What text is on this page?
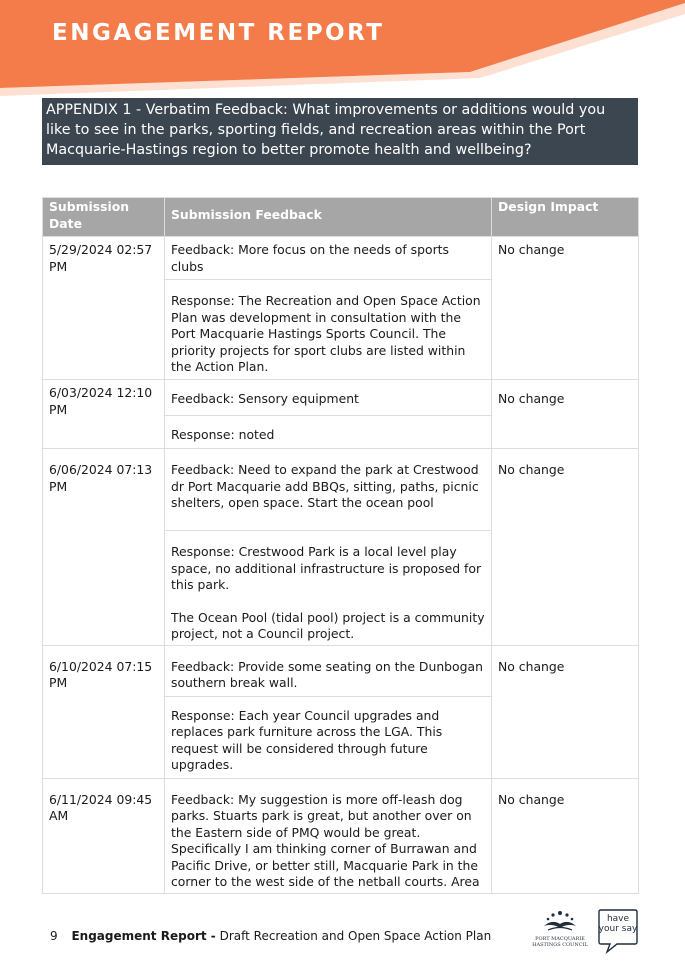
ENGAGEMENT REPORT
APPENDIX 1 - Verbatim Feedback: What improvements or additions would you like to see in the parks, sporting fields, and recreation areas within the Port Macquarie-Hastings region to better promote health and wellbeing?
Submission Date	Submission Feedback	Design Impact
5/29/2024 02:57 PM	Feedback: More focus on the needs of sports clubs	No change

	Response: The Recreation and Open Space Action Plan was development in consultation with the Port Macquarie Hastings Sports Council. The priority projects for sport clubs are listed within the Action Plan.	

6/03/2024 12:10 PM	Feedback: Sensory equipment	No change

	Response: noted	

6/06/2024 07:13 PM	Feedback: Need to expand the park at Crestwood dr Port Macquarie add BBQs, sitting, paths, picnic shelters, open space. Start the ocean pool	No change

	Response: Crestwood Park is a local level play space, no additional infrastructure is proposed for this park.
The Ocean Pool (tidal pool) project is a community project, not a Council project.	

6/10/2024 07:15 PM	Feedback: Provide some seating on the Dunbogan southern break wall.	No change

	Response: Each year Council upgrades and replaces park furniture across the LGA. This request will be considered through future upgrades.	

6/11/2024 09:45 AM	Feedback: My suggestion is more off-leash dog parks. Stuarts park is great, but another over on the Eastern side of PMQ would be great. Specifically I am thinking corner of Burrawan and Pacific Drive, or better still, Macquarie Park in the corner to the west side of the netball courts. Area	No change
9 Engagement Report - Draft Recreation and Open Space Action Plan	PORT MACQUARIE HASTINGS COUNCIL
have your say
